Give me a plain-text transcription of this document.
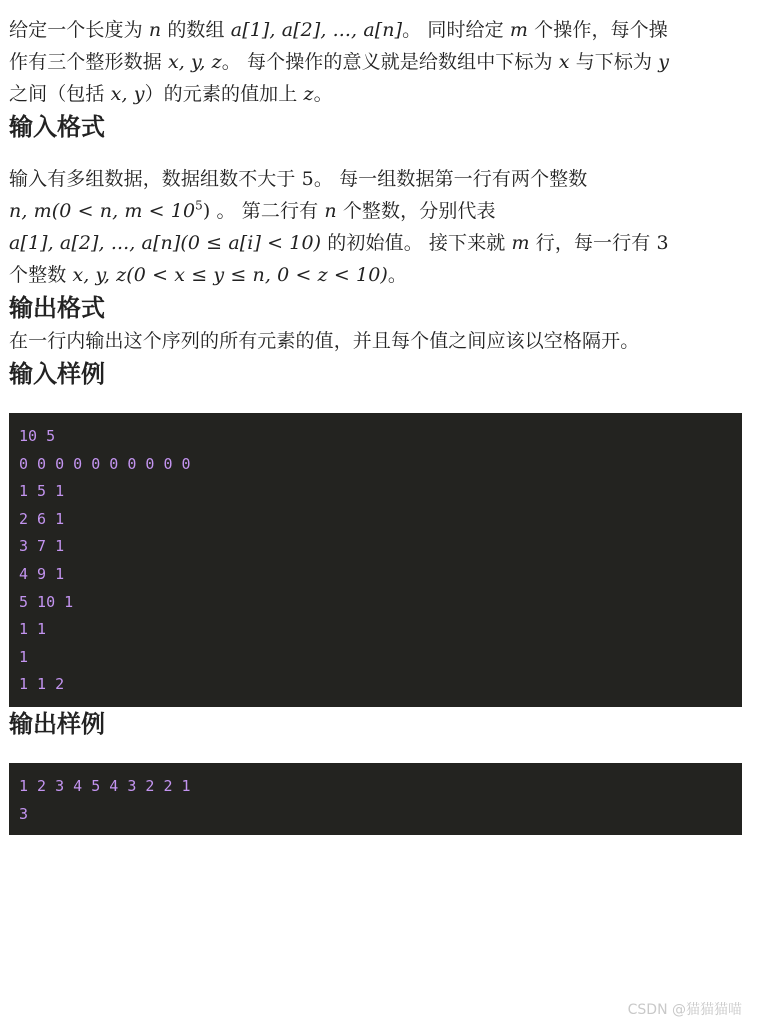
给定一个长度为 n 的数组 a[1], a[2], ..., a[n]。 同时给定 m 个操作，每个操

作有三个整形数据 x, y, z。 每个操作的意义就是给数组中下标为 x 与下标为 y

之间（包括 x, y）的元素的值加上 z。

输入格式

输入有多组数据，数据组数不大于 5。 每一组数据第一行有两个整数

n, m(0 < n, $m < 10^5$) 。 第二行有 n 个整数，分别代表

a[1], a[2], ..., a[n](0 ≤ a[i] < 10) 的初始值。 接下来就 m 行，每一行有 3

个整数 x, y, z(0 < x ≤ y ≤ n, 0 < z < 10)。

输出格式

在一行内输出这个序列的所有元素的值，并且每个值之间应该以空格隔开。

输入样例
10 5
0 0 0 0 0 0 0 0 0 0
1 5 1
2 6 1
3 7 1
4 9 1
5 10 1
1 1
1
1 1 2
输出样例
1 2 3 4 5 4 3 2 2 1
3
CSDN @猫猫猫喵
